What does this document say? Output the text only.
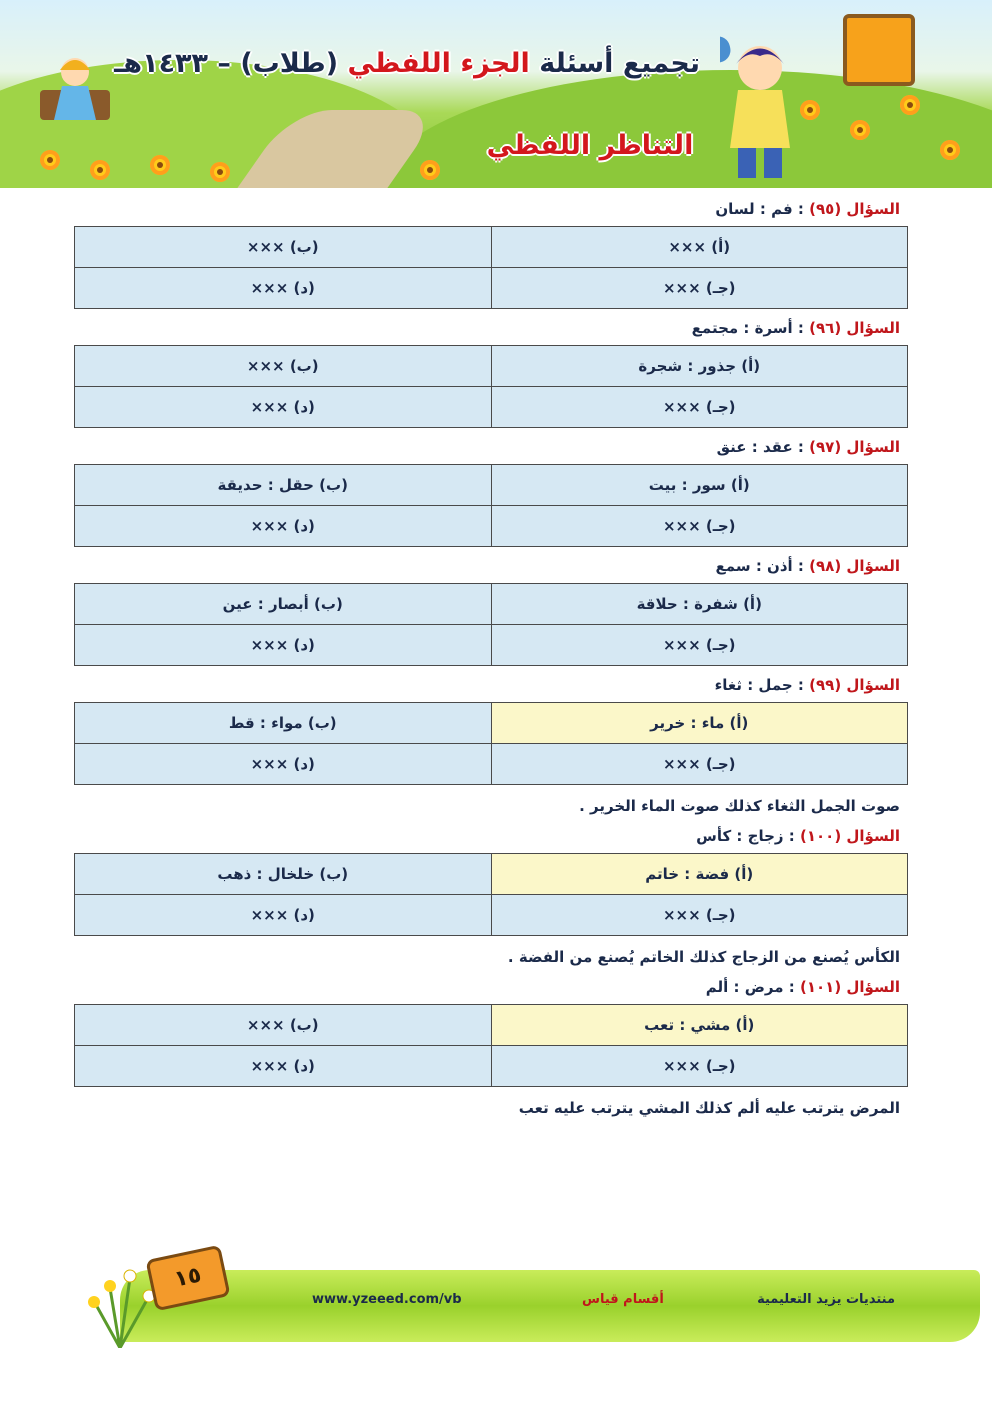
تجميع أسئلة الجزء اللفظي (طلاب) – ١٤٣٣هـ
التناظر اللفظي
السؤال (٩٥) : فم : لسان
(أ) ×××	(ب) ×××
(جـ) ×××	(د) ×××
السؤال (٩٦) : أسرة : مجتمع
(أ) جذور : شجرة	(ب) ×××
(جـ) ×××	(د) ×××
السؤال (٩٧) : عقد : عنق
(أ) سور : بيت	(ب) حقل : حديقة
(جـ) ×××	(د) ×××
السؤال (٩٨) : أذن : سمع
(أ) شفرة : حلاقة	(ب) أبصار : عين
(جـ) ×××	(د) ×××
السؤال (٩٩) : جمل : ثغاء
(أ) ماء : خرير	(ب) مواء : قط
(جـ) ×××	(د) ×××
صوت الجمل الثغاء كذلك صوت الماء الخرير .
السؤال (١٠٠) : زجاج : كأس
(أ) فضة : خاتم	(ب) خلخال : ذهب
(جـ) ×××	(د) ×××
الكأس يُصنع من الزجاج كذلك الخاتم يُصنع من الفضة .
السؤال (١٠١) : مرض : ألم
(أ) مشي : تعب	(ب) ×××
(جـ) ×××	(د) ×××
المرض يترتب عليه ألم كذلك المشي يترتب عليه تعب
١٥
www.yzeeed.com/vb	أقسام قياس	منتديات يزيد التعليمية
